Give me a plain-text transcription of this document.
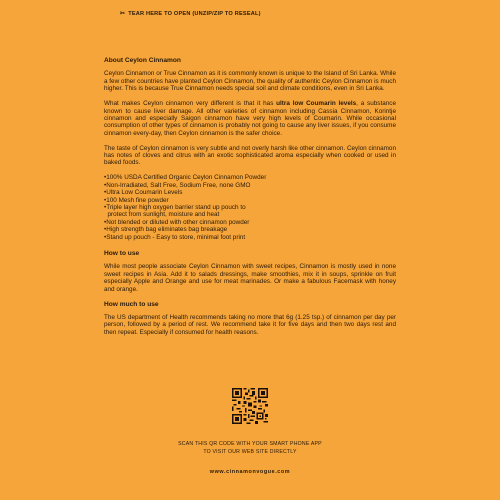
✂ TEAR HERE TO OPEN (UNZIP/ZIP TO RESEAL)
About Ceylon Cinnamon

Ceylon Cinnamon or True Cinnamon as it is commonly known is unique to the Island of Sri Lanka. While a few other countries have planted Ceylon Cinnamon, the quality of authentic Ceylon Cinnamon is much higher. This is because True Cinnamon needs special soil and climate conditions, even in Sri Lanka.

What makes Ceylon cinnamon very different is that it has ultra low Coumarin levels, a substance known to cause liver damage. All other varieties of cinnamon including Cassia Cinnamon, Korintje cinnamon and especially Saigon cinnamon have very high levels of Coumarin. While occasional consumption of other types of cinnamon is probably not going to cause any liver issues, if you consume cinnamon every-day, then Ceylon cinnamon is the safer choice.

The taste of Ceylon cinnamon is very subtle and not overly harsh like other cinnamon. Ceylon cinnamon has notes of cloves and citrus with an exotic sophisticated aroma especially when cooked or used in baked foods.

•100% USDA Certified Organic Ceylon Cinnamon Powder
•Non-Irradiated, Salt Free, Sodium Free, none GMO
•Ultra Low Coumarin Levels
•100 Mesh fine powder
•Triple layer high oxygen barrier stand up pouch to
protect from sunlight, moisture and heat
•Not blended or diluted with other cinnamon powder
•High strength bag eliminates bag breakage
•Stand up pouch - Easy to store, minimal foot print
How to use

While most people associate Ceylon Cinnamon with sweet recipes, Cinnamon is mostly used in none sweet recipes in Asia. Add it to salads dressings, make smoothies, mix it in soups, sprinkle on fruit especially Apple and Orange and use for meat marinades. Or make a fabulous Facemask with honey and orange.

How much to use

The US department of Health recommends taking no more that 6g (1.25 tsp.) of cinnamon per day per person, followed by a period of rest. We recommend take it for five days and then two days rest and then repeat. Especially if consumed for health reasons.

SCAN THIS QR CODE WITH YOUR SMART PHONE APP
TO VISIT OUR WEB SITE DIRECTLY
www.cinnamonvogue.com
